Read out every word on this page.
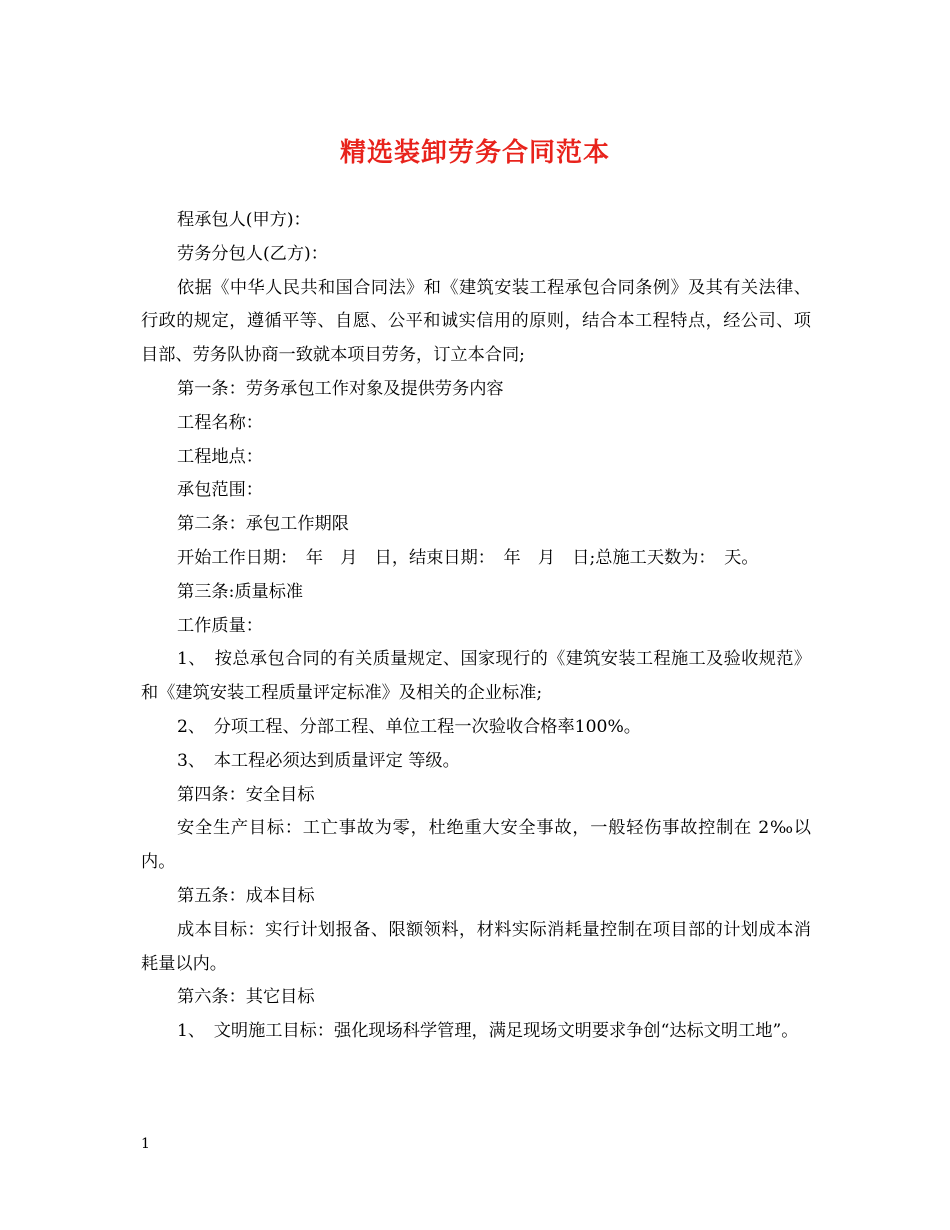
精选装卸劳务合同范本

程承包人(甲方)：

劳务分包人(乙方)：

依据《中华人民共和国合同法》和《建筑安装工程承包合同条例》及其有关法律、行政的规定，遵循平等、自愿、公平和诚实信用的原则，结合本工程特点，经公司、项目部、劳务队协商一致就本项目劳务，订立本合同;

第一条：劳务承包工作对象及提供劳务内容

工程名称：

工程地点：

承包范围：

第二条：承包工作期限

开始工作日期：　年　月　日，结束日期：　年　月　日;总施工天数为：　天。

第三条:质量标准

工作质量：

1、　按总承包合同的有关质量规定、国家现行的《建筑安装工程施工及验收规范》和《建筑安装工程质量评定标准》及相关的企业标准;

2、　分项工程、分部工程、单位工程一次验收合格率100%。

3、　本工程必须达到质量评定 等级。

第四条：安全目标

安全生产目标：工亡事故为零，杜绝重大安全事故，一般轻伤事故控制在 2‰以内。

第五条：成本目标

成本目标：实行计划报备、限额领料，材料实际消耗量控制在项目部的计划成本消耗量以内。

第六条：其它目标

1、　文明施工目标：强化现场科学管理，满足现场文明要求争创“达标文明工地”。

1
